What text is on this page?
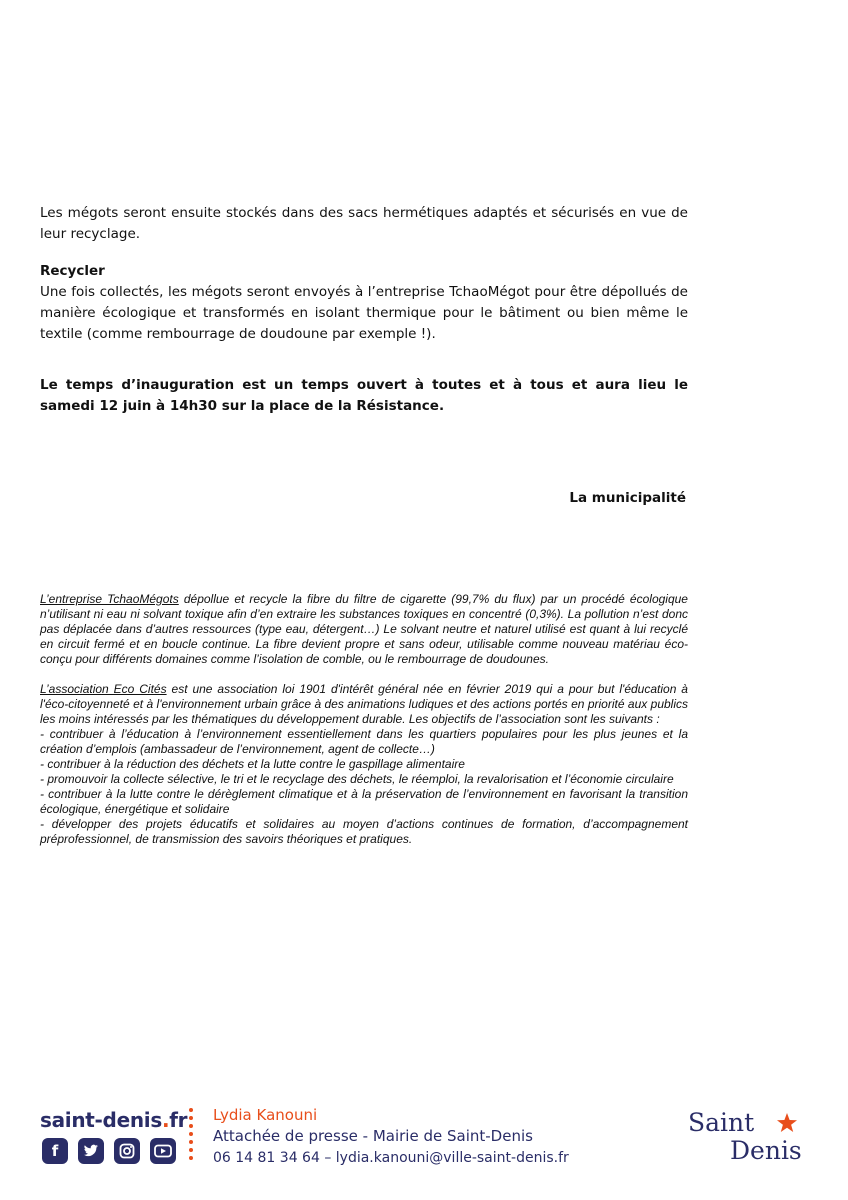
Les mégots seront ensuite stockés dans des sacs hermétiques adaptés et sécurisés en vue de leur recyclage.
Recycler
Une fois collectés, les mégots seront envoyés à l’entreprise TchaoMégot pour être dépollués de manière écologique et transformés en isolant thermique pour le bâtiment ou bien même le textile (comme rembourrage de doudoune par exemple !).
Le temps d’inauguration est un temps ouvert à toutes et à tous et aura lieu le samedi 12 juin à 14h30 sur la place de la Résistance.
La municipalité
L’entreprise TchaoMégots dépollue et recycle la fibre du filtre de cigarette (99,7% du flux) par un procédé écologique n’utilisant ni eau ni solvant toxique afin d’en extraire les substances toxiques en concentré (0,3%). La pollution n’est donc pas déplacée dans d’autres ressources (type eau, détergent…) Le solvant neutre et naturel utilisé est quant à lui recyclé en circuit fermé et en boucle continue. La fibre devient propre et sans odeur, utilisable comme nouveau matériau éco-conçu pour différents domaines comme l’isolation de comble, ou le rembourrage de doudounes.
L’association Eco Cités est une association loi 1901 d'intérêt général née en février 2019 qui a pour but l'éducation à l'éco-citoyenneté et à l'environnement urbain grâce à des animations ludiques et des actions portés en priorité aux publics les moins intéressés par les thématiques du développement durable. Les objectifs de l’association sont les suivants :
- contribuer à l’éducation à l’environnement essentiellement dans les quartiers populaires pour les plus jeunes et la création d’emplois (ambassadeur de l’environnement, agent de collecte…)
- contribuer à la réduction des déchets et la lutte contre le gaspillage alimentaire
- promouvoir la collecte sélective, le tri et le recyclage des déchets, le réemploi, la revalorisation et l’économie circulaire
- contribuer à la lutte contre le dérèglement climatique et à la préservation de l’environnement en favorisant la transition écologique, énergétique et solidaire
- développer des projets éducatifs et solidaires au moyen d’actions continues de formation, d’accompagnement préprofessionnel, de transmission des savoirs théoriques et pratiques.
saint-denis.fr
f
Lydia Kanouni
Attachée de presse - Mairie de Saint-Denis
06 14 81 34 64 – lydia.kanouni@ville-saint-denis.fr
Saint
Denis
